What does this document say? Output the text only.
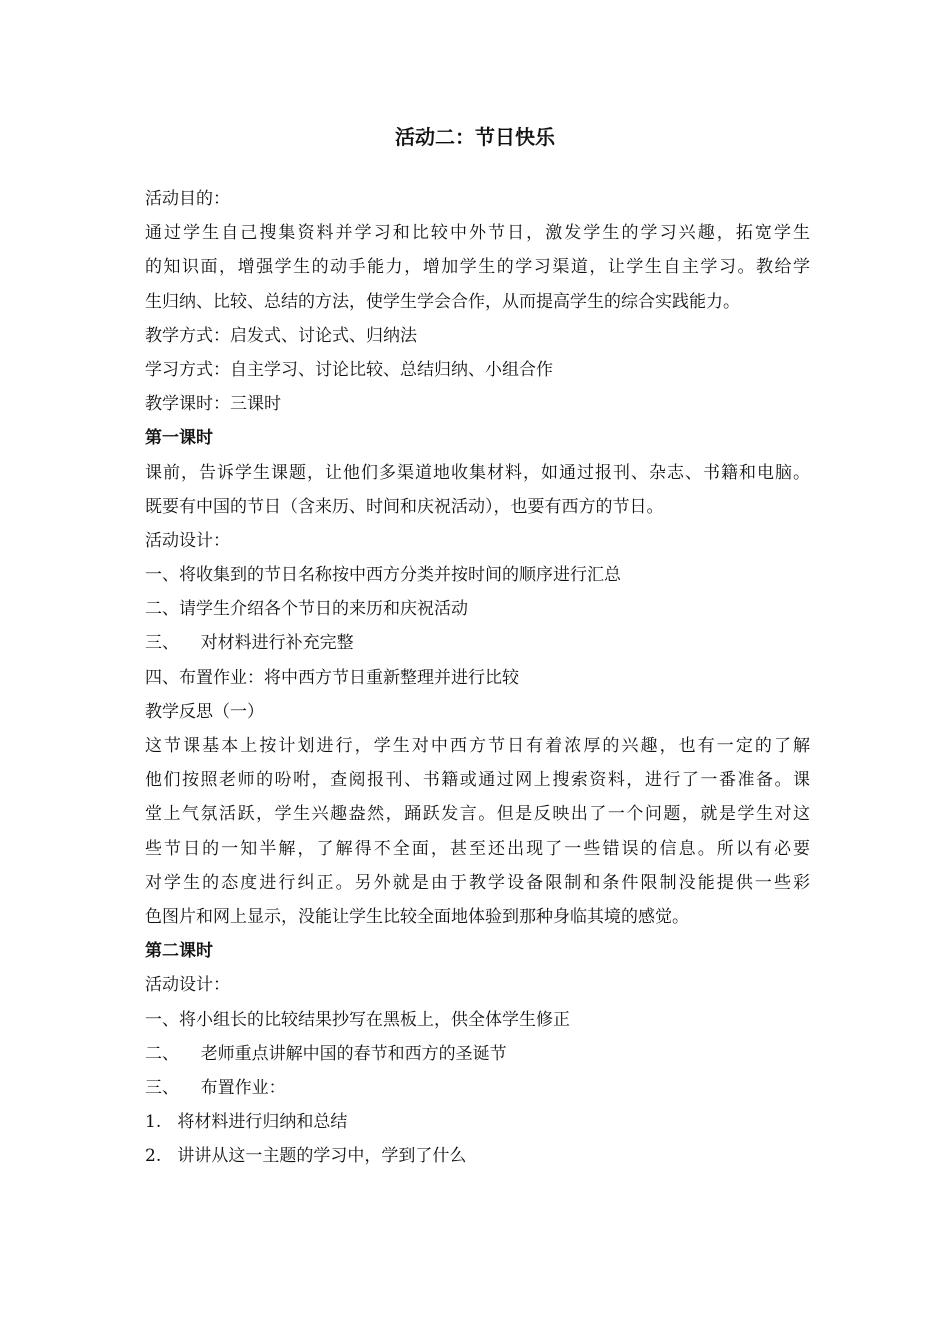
活动二：节日快乐
活动目的：
通过学生自己搜集资料并学习和比较中外节日，激发学生的学习兴趣，拓宽学生
的知识面，增强学生的动手能力，增加学生的学习渠道，让学生自主学习。教给学
生归纳、比较、总结的方法，使学生学会合作，从而提高学生的综合实践能力。
教学方式：启发式、讨论式、归纳法
学习方式：自主学习、讨论比较、总结归纳、小组合作
教学课时：三课时
第一课时
课前，告诉学生课题，让他们多渠道地收集材料，如通过报刊、杂志、书籍和电脑。
既要有中国的节日（含来历、时间和庆祝活动），也要有西方的节日。
活动设计：
一、将收集到的节日名称按中西方分类并按时间的顺序进行汇总
二、请学生介绍各个节日的来历和庆祝活动
三、    对材料进行补充完整
四、布置作业：将中西方节日重新整理并进行比较
教学反思（一）
这节课基本上按计划进行，学生对中西方节日有着浓厚的兴趣，也有一定的了解
他们按照老师的吩咐，查阅报刊、书籍或通过网上搜索资料，进行了一番准备。课
堂上气氛活跃，学生兴趣盎然，踊跃发言。但是反映出了一个问题，就是学生对这
些节日的一知半解，了解得不全面，甚至还出现了一些错误的信息。所以有必要
对学生的态度进行纠正。另外就是由于教学设备限制和条件限制没能提供一些彩
色图片和网上显示，没能让学生比较全面地体验到那种身临其境的感觉。
第二课时
活动设计：
一、将小组长的比较结果抄写在黑板上，供全体学生修正
二、    老师重点讲解中国的春节和西方的圣诞节
三、    布置作业：
1.   将材料进行归纳和总结
2.   讲讲从这一主题的学习中，学到了什么
